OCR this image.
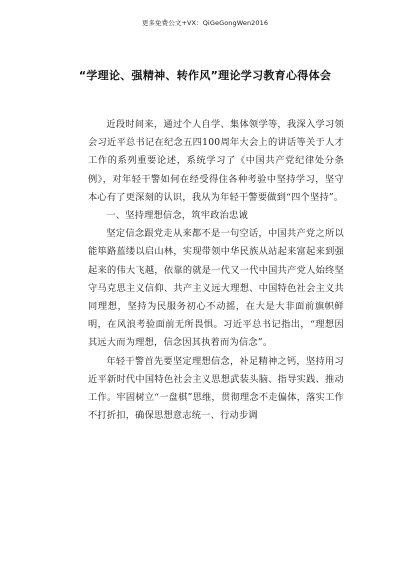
更多免费公文+VX：QiGeGongWen2016
“学理论、强精神、转作风”理论学习教育心得体会

近段时间来，通过个人自学、集体领学等，我深入学习领会习近平总书记在纪念五四100周年大会上的讲话等关于人才工作的系列重要论述，系统学习了《中国共产党纪律处分条例》，对年轻干警如何在经受得住各种考验中坚持学习，坚守本心有了更深刻的认识，我从为年轻干警要做到“四个坚持”。

一、坚持理想信念，筑牢政治忠诚

坚定信念跟党走从来都不是一句空话，中国共产党之所以能筚路蓝缕以启山林，实现带领中华民族从站起来富起来到强起来的伟大飞越，依靠的就是一代又一代中国共产党人始终坚守马克思主义信仰、共产主义远大理想、中国特色社会主义共同理想，坚持为民服务初心不动摇，在大是大非面前旗帜鲜明，在风浪考验面前无所畏惧。习近平总书记指出，“理想因其远大而为理想，信念因其执着而为信念”。

年轻干警首先要坚定理想信念，补足精神之钙，坚持用习近平新时代中国特色社会主义思想武装头脑、指导实践、推动工作。牢固树立“一盘棋”思维，贯彻理念不走偏体，落实工作不打折扣，确保思想意志统一、行动步调
